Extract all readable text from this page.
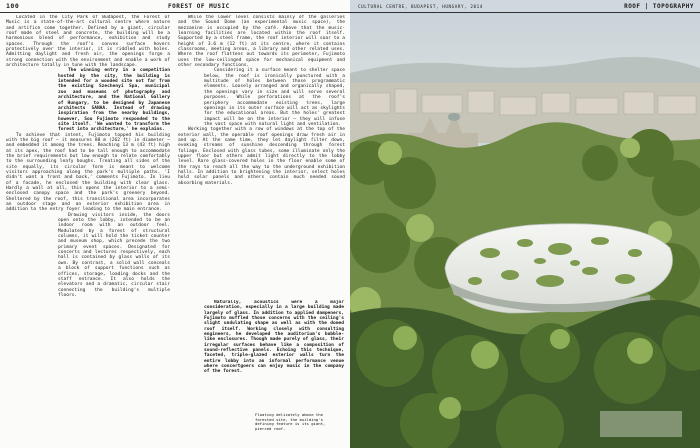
100	FOREST OF MUSIC

Located in the City Park of Budapest, the Forest of Music is a state-of-the-art cultural centre where nature and artifice come together. Defined by a giant, circular roof made of steel and concrete, the building will be a harmonious blend of performance, exhibition and study spaces. Through the roof's convex surface hovers protectively over the interior, it is riddled with holes. Admitting daylight and fresh air, the openings forge a strong connection with the environment and enable a work of architecture totally in tune with the landscape.

The winning entry in a competition hosted by the city, the building is intended for a wooded site not far from the existing Szechenyi Spa, municipal zoo and museums of photography and architecture, and the National Gallery of Hungary, to be designed by Japanese architects SANAA. Instead of drawing inspiration from the nearby buildings, however, Sou Fujimoto responded to the site itself. 'We wanted to transform the forest into architecture,' he explains.

To achieve that intent, Fujimoto topped his building with the big roof – it measures 80 m (262 ft) in diameter – and embedded it among the trees. Reaching 13 m (43 ft) high at its apex, the roof had to be tall enough to accommodate the brief requirements but low enough to relate comfortably to the surrounding leafy boughs. Treating all sides of the site equally, its circular form is meant to welcome visitors approaching along the park's multiple paths. 'I didn't want a front and back,' comments Fujimoto. In lieu of a facade, he enclosed the building with clear glass. Hardly a wall at all, this opens the interior to a semi-enclosed canopy space and the park's greenery beyond. Sheltered by the roof, this transitional area incorporates an outdoor stage and an exterior exhibition area in addition to the entry foyer leading to the main entrance.

Drawing visitors inside, the doors open onto the lobby, intended to be an indoor room with an outdoor feel. Modulated by a forest of structural columns, it will hold the ticket counter and museum shop, which precede the two primary event spaces. Designated for concerts and lectures respectively, each hall is contained by glass walls of its own. By contrast, a solid wall conceals a block of support functions such as offices, storage, loading docks and the staff entrance. It also holds the elevators and a dramatic, circular stair connecting the building's multiple floors.

While the lower level consists mainly of the galleries and the Sound Dome (an experimental music space), the mezzanine is occupied by the café. Above that the music-learning facilities are located within the roof itself. Supported by a steel frame, the roof interior will soar to a height of 3.6 m (12 ft) at its centre, where it contains classrooms, meeting areas, a library and other related uses. Where the roof flattens out towards its perimeter, Fujimoto uses the low-ceilinged space for mechanical equipment and other secondary functions.

Considering it a surface meant to shelter space below, the roof is ironically punctured with a multitude of holes between those programmatic elements. Loosely arranged and organically shaped, the openings vary in size and will serve several purposes. While perforations at the roof's periphery accommodate existing trees, large openings in its outer surface will act as skylights for the educational areas. But the holes' greatest impact will be on the interior – they will infuse the vast space with natural light and ventilation.

Working together with a row of windows at the top of the exterior wall, the operable roof openings draw fresh air in and up. At the same time, they let daylight filter down, evoking streams of sunshine descending through forest foliage. Enclosed with glass tubes, some illuminate only the upper floor but others admit light directly to the lobby level. Rare glass-covered holes in the floor enable some of the rays to reach all the way to the underground exhibition halls. In addition to brightening the interior, select holes hold solar panels and others contain much needed sound absorbing materials.

Naturally, acoustics were a major consideration, especially in a large building made largely of glass. In addition to applied dampeners, Fujimoto muffled those concerns with the ceiling's slight undulating shape as well as with the domed roof itself. Working closely with consulting engineers, he developed the auditorium's bubble-like enclosures. Though made purely of glass, their irregular surfaces behave like a composition of sound-reflective panels. Echoing this technique, faceted, triple-glazed exterior walls turn the entire lobby into an informal performance venue where concertgoers can enjoy music in the company of the forest.

CULTURAL CENTRE, BUDAPEST, HUNGARY, 2014	ROOF | TOPOGRAPHY
Floating delicately above the forested site, the building's defining feature is its giant, pierced roof.
